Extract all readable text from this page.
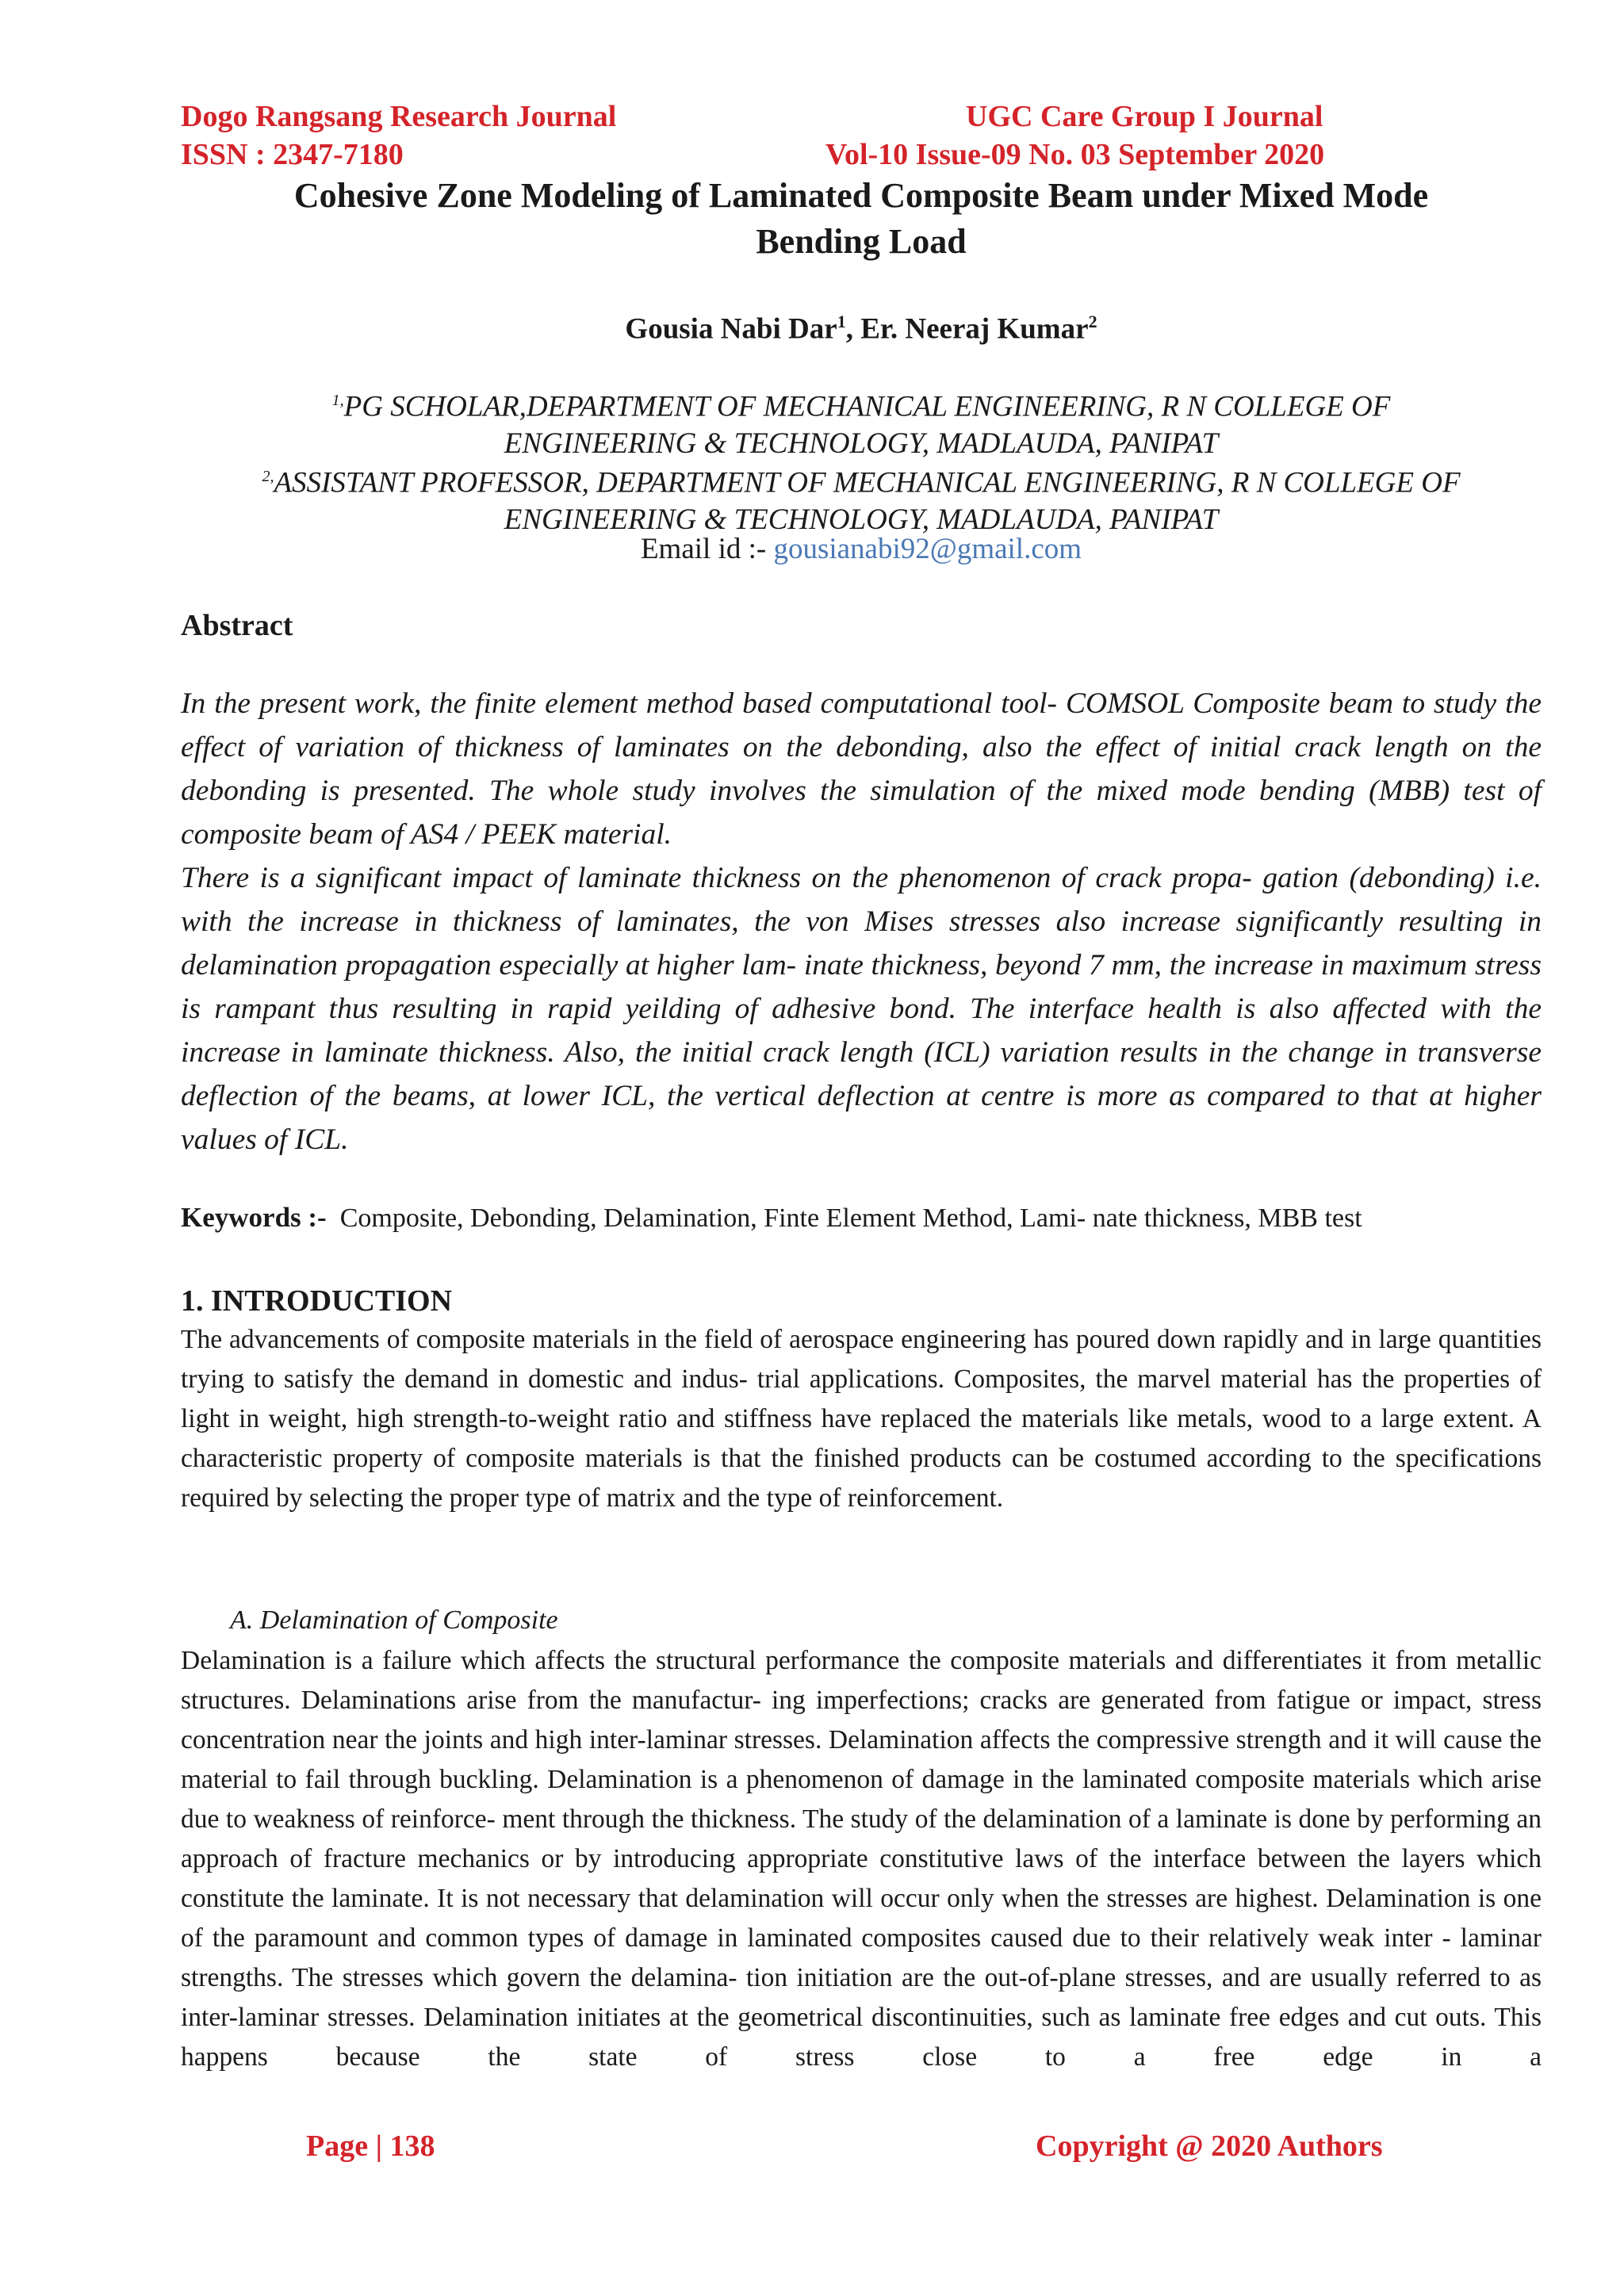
Dogo Rangsang Research Journal	UGC Care Group I Journal
ISSN : 2347-7180	Vol-10 Issue-09 No. 03 September 2020
Cohesive Zone Modeling of Laminated Composite Beam under Mixed Mode
Bending Load
Gousia Nabi Dar$^1$, Er. Neeraj Kumar$^2$
$^{1,}$PG SCHOLAR,DEPARTMENT OF MECHANICAL ENGINEERING, R N COLLEGE OF
ENGINEERING & TECHNOLOGY, MADLAUDA, PANIPAT
$^{2,}$ASSISTANT PROFESSOR, DEPARTMENT OF MECHANICAL ENGINEERING, R N COLLEGE OF
ENGINEERING & TECHNOLOGY, MADLAUDA, PANIPAT
Email id :- gousianabi92@gmail.com
Abstract

In the present work, the finite element method based computational tool- COMSOL Composite beam to study the effect of variation of thickness of laminates on the debonding, also the effect of initial crack length on the debonding is presented. The whole study involves the simulation of the mixed mode bending (MBB) test of composite beam of AS4 / PEEK material.

There is a significant impact of laminate thickness on the phenomenon of crack propa- gation (debonding) i.e. with the increase in thickness of laminates, the von Mises stresses also increase significantly resulting in delamination propagation especially at higher lam- inate thickness, beyond 7 mm, the increase in maximum stress is rampant thus resulting in rapid yeilding of adhesive bond. The interface health is also affected with the increase in laminate thickness. Also, the initial crack length (ICL) variation results in the change in transverse deflection of the beams, at lower ICL, the vertical deflection at centre is more as compared to that at higher values of ICL.

Keywords :- Composite, Debonding, Delamination, Finte Element Method, Lami- nate thickness, MBB test
1. INTRODUCTION

The advancements of composite materials in the field of aerospace engineering has poured down rapidly and in large quantities trying to satisfy the demand in domestic and indus- trial applications. Composites, the marvel material has the properties of light in weight, high strength-to-weight ratio and stiffness have replaced the materials like metals, wood to a large extent. A characteristic property of composite materials is that the finished products can be costumed according to the specifications required by selecting the proper type of matrix and the type of reinforcement.

A. Delamination of Composite

Delamination is a failure which affects the structural performance the composite materials and differentiates it from metallic structures. Delaminations arise from the manufactur- ing imperfections; cracks are generated from fatigue or impact, stress concentration near the joints and high inter-laminar stresses. Delamination affects the compressive strength and it will cause the material to fail through buckling. Delamination is a phenomenon of damage in the laminated composite materials which arise due to weakness of reinforce- ment through the thickness. The study of the delamination of a laminate is done by performing an approach of fracture mechanics or by introducing appropriate constitutive laws of the interface between the layers which constitute the laminate. It is not necessary that delamination will occur only when the stresses are highest. Delamination is one of the paramount and common types of damage in laminated composites caused due to their relatively weak inter - laminar strengths. The stresses which govern the delamina- tion initiation are the out-of-plane stresses, and are usually referred to as inter-laminar stresses. Delamination initiates at the geometrical discontinuities, such as laminate free edges and cut outs. This happens because the state of stress close to a free edge in a

Page | 138	Copyright @ 2020 Authors
